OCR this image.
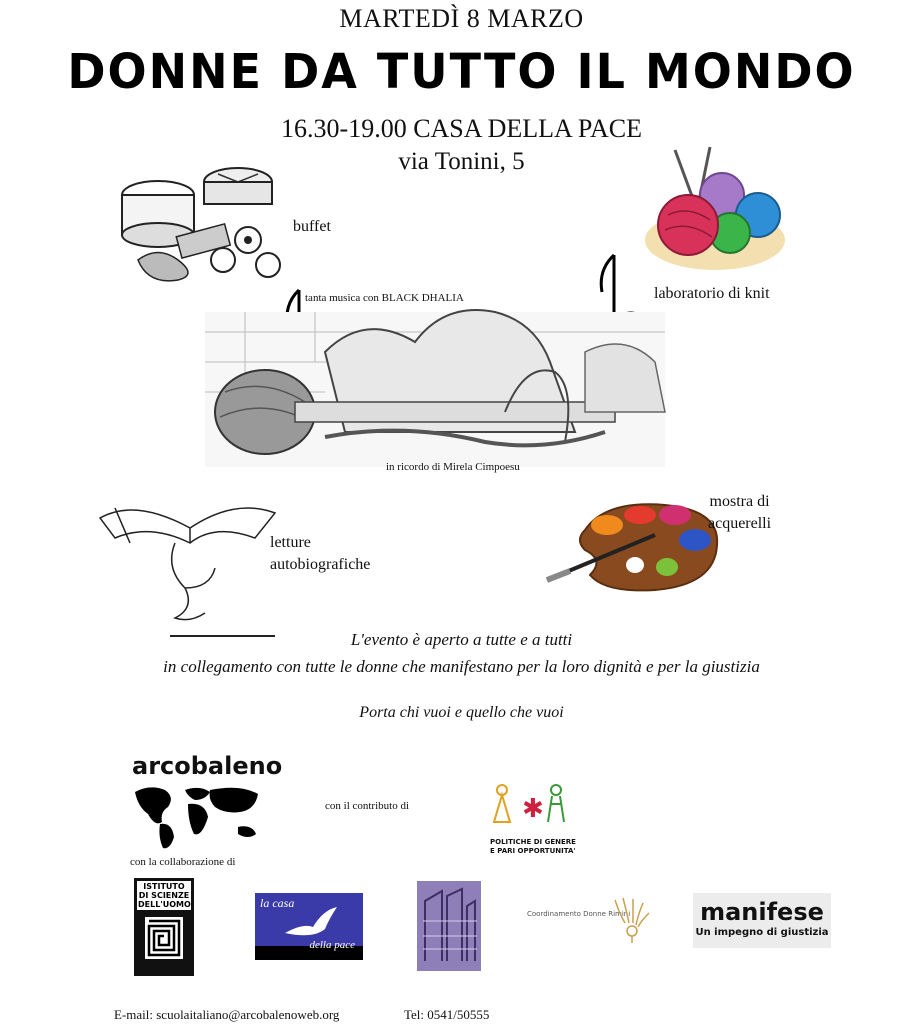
MARTEDÌ 8 MARZO
DONNE DA TUTTO IL MONDO
16.30-19.00 CASA DELLA PACE
via Tonini, 5
buffet
laboratorio di knit
tanta musica con BLACK DHALIA
in ricordo di Mirela Cimpoesu
letture
autobiografiche
mostra di
acquerelli
L'evento è aperto a tutte e a tutti
in collegamento con tutte le donne che manifestano per la loro dignità e per la giustizia
Porta chi vuoi e quello che vuoi
arcobaleno
con la collaborazione di
con il contributo di	✱
POLITICHE DI GENERE
E PARI OPPORTUNITA'
ISTITUTO DI SCIENZE DELL'UOMO	la casa
della pace
Coordinamento Donne Rimini	manifese
Un impegno di giustizia
E-mail: scuolaitaliano@arcobalenoweb.org	Tel: 0541/50555
